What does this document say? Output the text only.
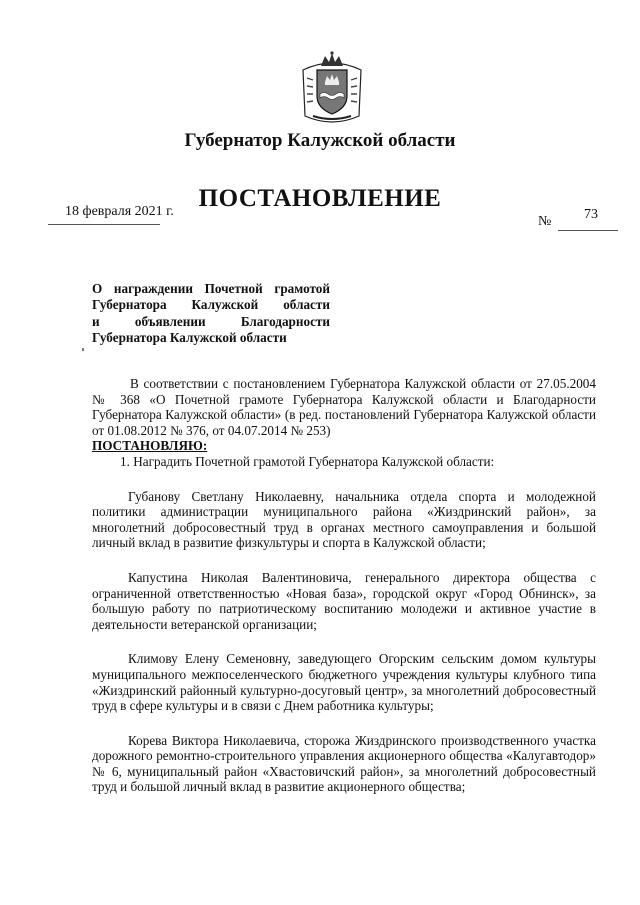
Губернатор Калужской области
ПОСТАНОВЛЕНИЕ
18 февраля 2021 г.
№ 73
О награждении Почетной грамотой
Губернатора Калужской области
и объявлении Благодарности
Губернатора Калужской области

В соответствии с постановлением Губернатора Калужской области от 27.05.2004 № 368 «О Почетной грамоте Губернатора Калужской области и Благодарности Губернатора Калужской области» (в ред. постановлений Губернатора Калужской области от 01.08.2012 № 376, от 04.07.2014 № 253)

ПОСТАНОВЛЯЮ:

1. Наградить Почетной грамотой Губернатора Калужской области:

Губанову Светлану Николаевну, начальника отдела спорта и молодежной политики администрации муниципального района «Жиздринский район», за многолетний добросовестный труд в органах местного самоуправления и большой личный вклад в развитие физкультуры и спорта в Калужской области;

Капустина Николая Валентиновича, генерального директора общества с ограниченной ответственностью «Новая база», городской округ «Город Обнинск», за большую работу по патриотическому воспитанию молодежи и активное участие в деятельности ветеранской организации;

Климову Елену Семеновну, заведующего Огорским сельским домом культуры муниципального межпоселенческого бюджетного учреждения культуры клубного типа «Жиздринский районный культурно-досуговый центр», за многолетний добросовестный труд в сфере культуры и в связи с Днем работника культуры;

Корева Виктора Николаевича, сторожа Жиздринского производственного участка дорожного ремонтно-строительного управления акционерного общества «Калугавтодор» № 6, муниципальный район «Хвастовичский район», за многолетний добросовестный труд и большой личный вклад в развитие акционерного общества;
